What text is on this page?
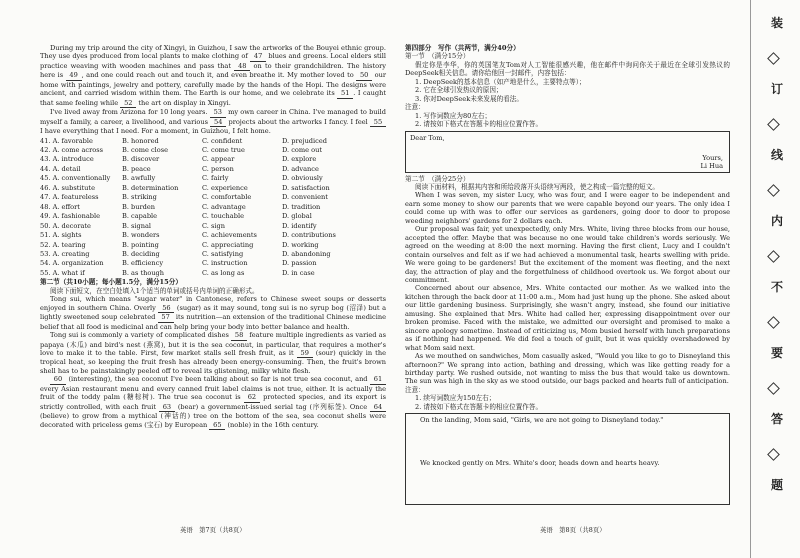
During my trip around the city of Xingyi, in Guizhou, I saw the artworks of the Bouyei ethnic group. They use dyes produced from local plants to make clothing of 47 blues and greens. Local elders still practice weaving with wooden machines and pass that 48 on to their grandchildren. The history here is 49 , and one could reach out and touch it, and even breathe it. My mother loved to 50 our home with paintings, jewelry and pottery, carefully made by the hands of the Hopi. The designs were ancient, and carried wisdom within them. The Earth is our home, and we celebrate its 51 . I caught that same feeling while 52 the art on display in Xingyi.

I've lived away from Arizona for 10 long years. 53 my own career in China. I've managed to build myself a family, a career, a livelihood, and various 54 projects about the artworks I fancy. I feel 55 I have everything that I need. For a moment, in Guizhou, I felt home.

41. A. favorable	B. honored	C. confident	D. prejudiced
42. A. come across	B. come close	C. come true	D. come out
43. A. introduce	B. discover	C. appear	D. explore
44. A. detail	B. peace	C. person	D. advance
45. A. conventionally	B. awfully	C. fairly	D. obviously
46. A. substitute	B. determination	C. experience	D. satisfaction
47. A. featureless	B. striking	C. comfortable	D. convenient
48. A. effort	B. burden	C. advantage	D. tradition
49. A. fashionable	B. capable	C. touchable	D. global
50. A. decorate	B. signal	C. sign	D. identify
51. A. sights	B. wonders	C. achievements	D. contributions
52. A. tearing	B. pointing	C. appreciating	D. working
53. A. creating	B. deciding	C. satisfying	D. abandoning
54. A. organization	B. efficiency	C. instruction	D. passion
55. A. what if	B. as though	C. as long as	D. in case

第二节（共10小题；每小题1.5分，满分15分）

阅读下面短文，在空白处填入1个适当的单词或括号内单词的正确形式。

Tong sui, which means "sugar water" in Cantonese, refers to Chinese sweet soups or desserts enjoyed in southern China. Overly 56 (sugar) as it may sound, tong sui is no syrup bog (沼泽) but a lightly sweetened soup celebrated 57 its nutrition—an extension of the traditional Chinese medicine belief that all food is medicinal and can help bring your body into better balance and health.

Tong sui is commonly a variety of complicated dishes 58 feature multiple ingredients as varied as papaya (木瓜) and bird's nest (燕窝), but it is the sea coconut, in particular, that requires a mother's love to make it to the table. First, few market stalls sell fresh fruit, as it 59 (sour) quickly in the tropical heat, so keeping the fruit fresh has already been energy-consuming. Then, the fruit's brown shell has to be painstakingly peeled off to reveal its glistening, milky white flesh.

60 (interesting), the sea coconut I've been talking about so far is not true sea coconut, and 61 every Asian restaurant menu and every canned fruit label claims is not true, either. It is actually the fruit of the toddy palm (糖棕树). The true sea coconut is 62 protected species, and its export is strictly controlled, with each fruit 63 (bear) a government-issued serial tag (序列标签). Once 64 (believe) to grow from a mythical (神话的) tree on the bottom of the sea, sea coconut shells were decorated with priceless gems (宝石) by European 65 (noble) in the 16th century.

英语　第7页（共8页）

第四部分　写作（共两节，满分40分）

第一节　（满分15分）

假定你是李华，你的英国笔友Tom对人工智能很感兴趣，他在邮件中询问你关于最近在全球引发热议的DeepSeek相关信息。请你给他回一封邮件，内容包括：

1. DeepSeek的基本信息（如产地是什么，主要特点等）；

2. 它在全球引发热议的原因；

3. 你对DeepSeek未来发展的看法。

注意：

1. 写作词数应为80左右；

2. 请按如下格式在答题卡的相应位置作答。

Dear Tom,
Yours,
Li Hua

第二节　（满分25分）

阅读下面材料，根据其内容和所给段落开头语续写两段，使之构成一篇完整的短文。

When I was seven, my sister Lucy, who was four, and I were eager to be independent and earn some money to show our parents that we were capable beyond our years. The only idea I could come up with was to offer our services as gardeners, going door to door to propose weeding neighbors' gardens for 2 dollars each.

Our proposal was fair, yet unexpectedly, only Mrs. White, living three blocks from our house, accepted the offer. Maybe that was because no one would take children's words seriously. We agreed on the weeding at 8:00 the next morning. Having the first client, Lucy and I couldn't contain ourselves and felt as if we had achieved a monumental task, hearts swelling with pride. We were going to be gardeners! But the excitement of the moment was fleeting, and the next day, the attraction of play and the forgetfulness of childhood overtook us. We forgot about our commitment.

Concerned about our absence, Mrs. White contacted our mother. As we walked into the kitchen through the back door at 11:00 a.m., Mom had just hung up the phone. She asked about our little gardening business. Surprisingly, she wasn't angry, instead, she found our initiative amusing. She explained that Mrs. White had called her, expressing disappointment over our broken promise. Faced with the mistake, we admitted our oversight and promised to make a sincere apology sometime. Instead of criticizing us, Mom busied herself with lunch preparations as if nothing had happened. We did feel a touch of guilt, but it was quickly overshadowed by what Mom said next.

As we mouthed on sandwiches, Mom casually asked, "Would you like to go to Disneyland this afternoon?" We sprang into action, bathing and dressing, which was like getting ready for a birthday party. We rushed outside, not wanting to miss the bus that would take us downtown. The sun was high in the sky as we stood outside, our bags packed and hearts full of anticipation.

注意：

1. 续写词数应为150左右；

2. 请按如下格式在答题卡的相应位置作答。

On the landing, Mom said, "Girls, we are not going to Disneyland today."
We knocked gently on Mrs. White's door, heads down and hearts heavy.
英语　第8页（共8页）
装
订
线
内
不
要
答
题
